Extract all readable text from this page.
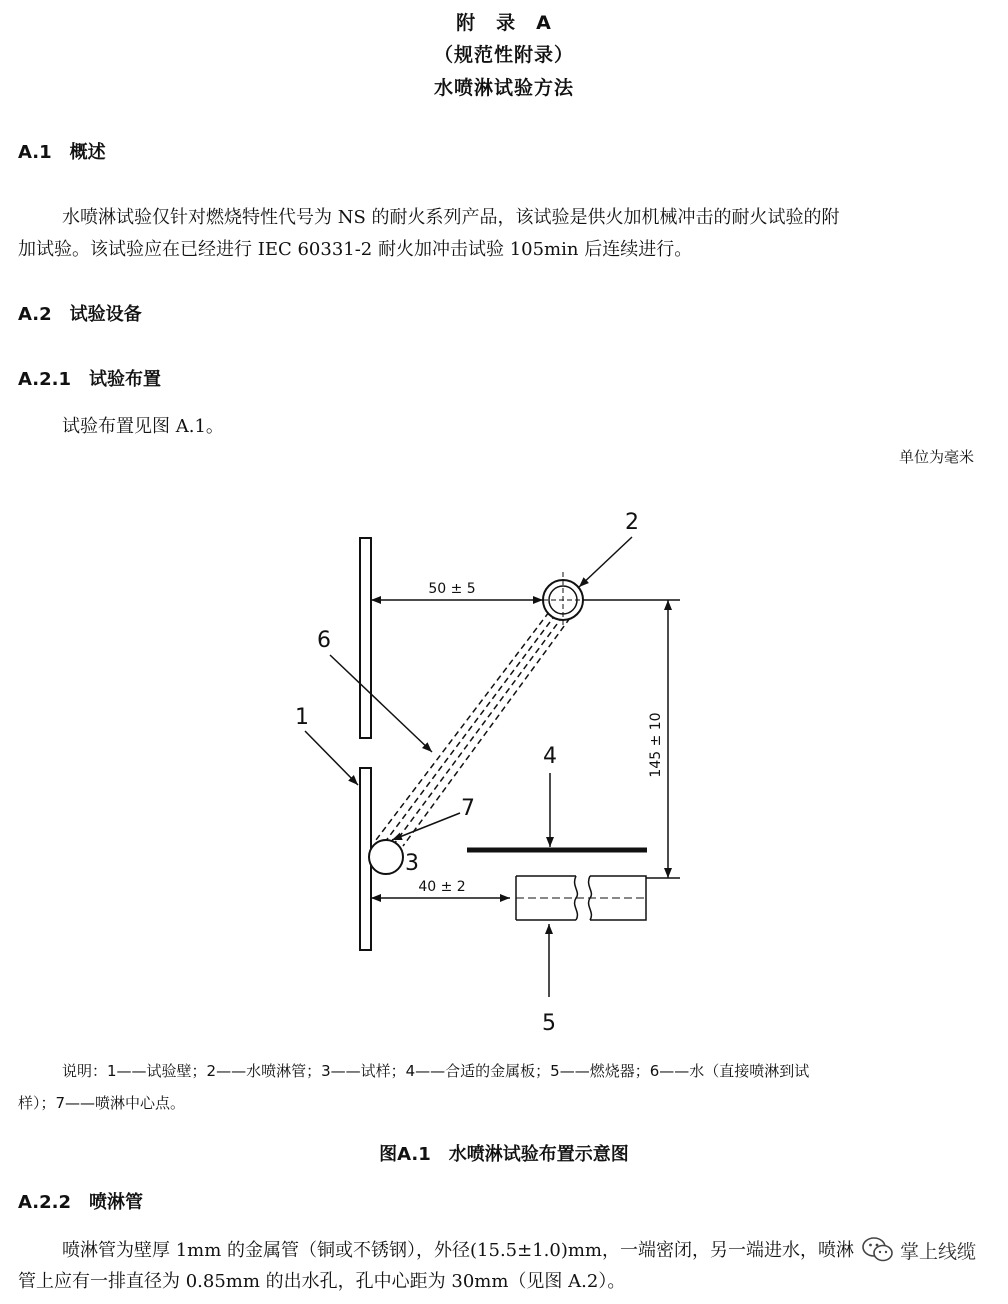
附　录　A
（规范性附录）
水喷淋试验方法
A.1　概述
水喷淋试验仅针对燃烧特性代号为 NS 的耐火系列产品，该试验是供火加机械冲击的耐火试验的附
加试验。该试验应在已经进行 IEC 60331-2 耐火加冲击试验 105min 后连续进行。
A.2　试验设备
A.2.1　试验布置
试验布置见图 A.1。
单位为毫米
50 ± 5
145 ± 10
40 ± 2
2
6
1
7
3
4
5
说明：1——试验壁；2——水喷淋管；3——试样；4——合适的金属板；5——燃烧器；6——水（直接喷淋到试
样）；7——喷淋中心点。
图A.1　水喷淋试验布置示意图
A.2.2　喷淋管
喷淋管为壁厚 1mm 的金属管（铜或不锈钢），外径(15.5±1.0)mm，一端密闭，另一端进水，喷淋
管上应有一排直径为 0.85mm 的出水孔，孔中心距为 30mm（见图 A.2）。
掌上线缆
